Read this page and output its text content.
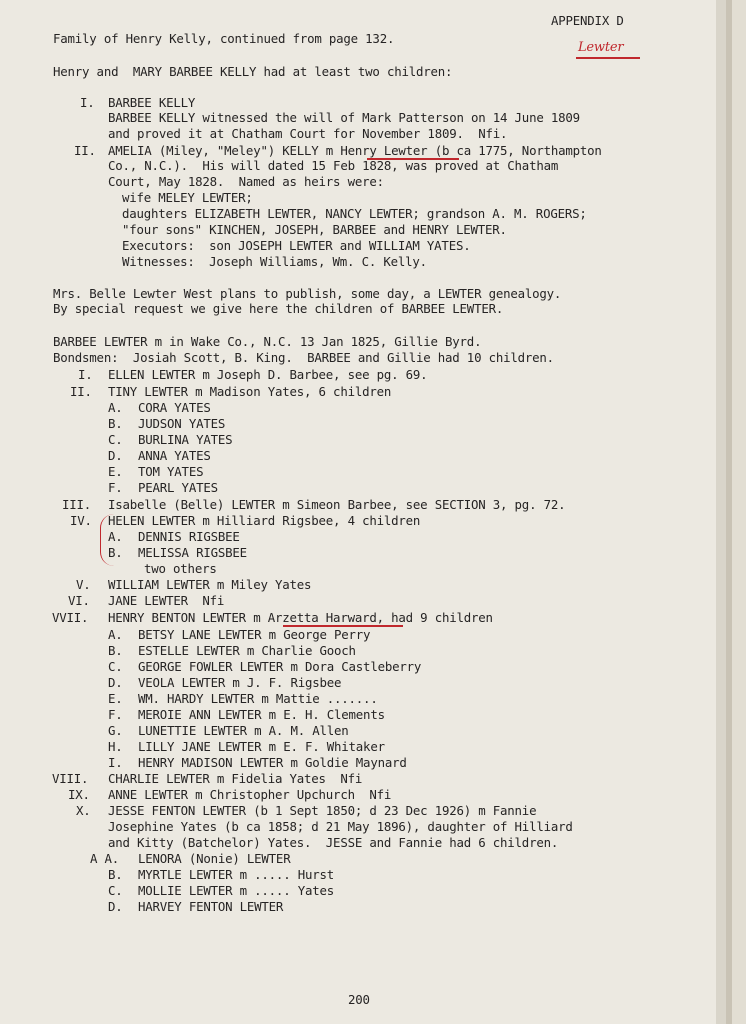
APPENDIX D
Lewter
Family of Henry Kelly, continued from page 132.
Henry and  MARY BARBEE KELLY had at least two children:
I. BARBEE KELLY
BARBEE KELLY witnessed the will of Mark Patterson on 14 June 1809
and proved it at Chatham Court for November 1809.  Nfi.
II. AMELIA (Miley, "Meley") KELLY m Henry Lewter (b ca 1775, Northampton
Co., N.C.).  His will dated 15 Feb 1828, was proved at Chatham
Court, May 1828.  Named as heirs were:
wife MELEY LEWTER;
daughters ELIZABETH LEWTER, NANCY LEWTER; grandson A. M. ROGERS;
"four sons" KINCHEN, JOSEPH, BARBEE and HENRY LEWTER.
Executors:  son JOSEPH LEWTER and WILLIAM YATES.
Witnesses:  Joseph Williams, Wm. C. Kelly.
Mrs. Belle Lewter West plans to publish, some day, a LEWTER genealogy.
By special request we give here the children of BARBEE LEWTER.
BARBEE LEWTER m in Wake Co., N.C. 13 Jan 1825, Gillie Byrd.
Bondsmen:  Josiah Scott, B. King.  BARBEE and Gillie had 10 children.
I. ELLEN LEWTER m Joseph D. Barbee, see pg. 69.
II. TINY LEWTER m Madison Yates, 6 children
A. CORA YATES
B. JUDSON YATES
C. BURLINA YATES
D. ANNA YATES
E. TOM YATES
F. PEARL YATES
III. Isabelle (Belle) LEWTER m Simeon Barbee, see SECTION 3, pg. 72.
IV. HELEN LEWTER m Hilliard Rigsbee, 4 children
A. DENNIS RIGSBEE
B. MELISSA RIGSBEE
two others
V. WILLIAM LEWTER m Miley Yates
VI. JANE LEWTER  Nfi
VVII. HENRY BENTON LEWTER m Arzetta Harward, had 9 children
A. BETSY LANE LEWTER m George Perry
B. ESTELLE LEWTER m Charlie Gooch
C. GEORGE FOWLER LEWTER m Dora Castleberry
D. VEOLA LEWTER m J. F. Rigsbee
E. WM. HARDY LEWTER m Mattie .......
F. MEROIE ANN LEWTER m E. H. Clements
G. LUNETTIE LEWTER m A. M. Allen
H. LILLY JANE LEWTER m E. F. Whitaker
I. HENRY MADISON LEWTER m Goldie Maynard
VIII. CHARLIE LEWTER m Fidelia Yates  Nfi
IX. ANNE LEWTER m Christopher Upchurch  Nfi
X. JESSE FENTON LEWTER (b 1 Sept 1850; d 23 Dec 1926) m Fannie
Josephine Yates (b ca 1858; d 21 May 1896), daughter of Hilliard
and Kitty (Batchelor) Yates.  JESSE and Fannie had 6 children.
A A. LENORA (Nonie) LEWTER
B. MYRTLE LEWTER m ..... Hurst
C. MOLLIE LEWTER m ..... Yates
D. HARVEY FENTON LEWTER
200
